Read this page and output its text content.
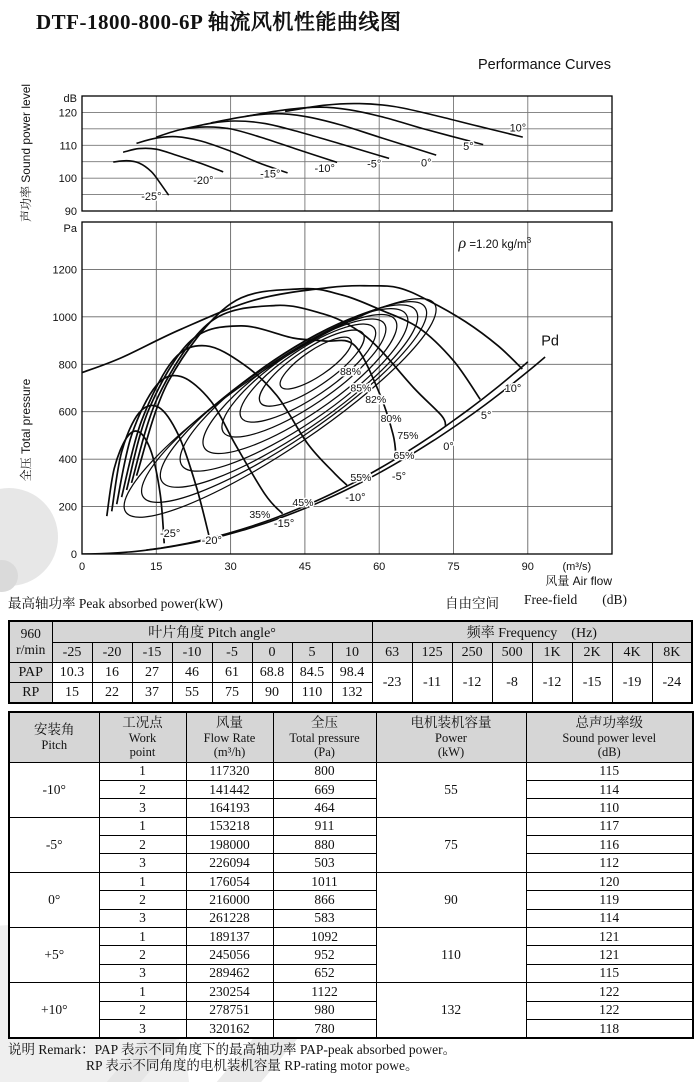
DTF-1800-800-6P 轴流风机性能曲线图
Performance Curves
90
100
110
120
dB
-25°
-20°
-15°	-10°	-5°	0°
5°
10°
声功率 Sound power level
0
200
400
600
800
1000
1200
Pa
0	15	30	45	60	75	90	(m³/s)
风量 Air flow
全压 Total pressure
Pd
-25°
-20°
-15°
-10°
-5°
0°
5°
10°
88%
85%
82%
80%
75%
65%
55%
45%
35%
ρ =1.20 $kg/m^3$
最高轴功率 Peak absorbed power(kW)	自由空间 Free-field (dB)
960
r/min	叶片角度 Pitch angle°								频率 Frequency　(Hz)							
	-25	-20	-15	-10	-5	0	5	10	63	125	250	500	1K	2K	4K	8K
PAP	10.3	16	27	46	61	68.8	84.5	98.4	-23	-11	-12	-8	-12	-15	-19	-24
RP	15	22	37	55	75	90	110	132								
安装角
Pitch

工况点
Work
point

风量
Flow Rate
(m³/h)

全压
Total pressure
(Pa)

电机装机容量
Power
(kW)

总声功率级
Sound power level
(dB)

-10°	1	117320	800	55	115
	2	141442	669		114
	3	164193	464		110
-5°	1	153218	911	75	117
	2	198000	880		116
	3	226094	503		112
0°	1	176054	1011	90	120
	2	216000	866		119
	3	261228	583		114
+5°	1	189137	1092	110	121
	2	245056	952		121
	3	289462	652		115
+10°	1	230254	1122	132	122
	2	278751	980		122
	3	320162	780		118
说明 Remark：PAP 表示不同角度下的最高轴功率 PAP-peak absorbed power。
RP 表示不同角度的电机装机容量 RP-rating motor powe。
